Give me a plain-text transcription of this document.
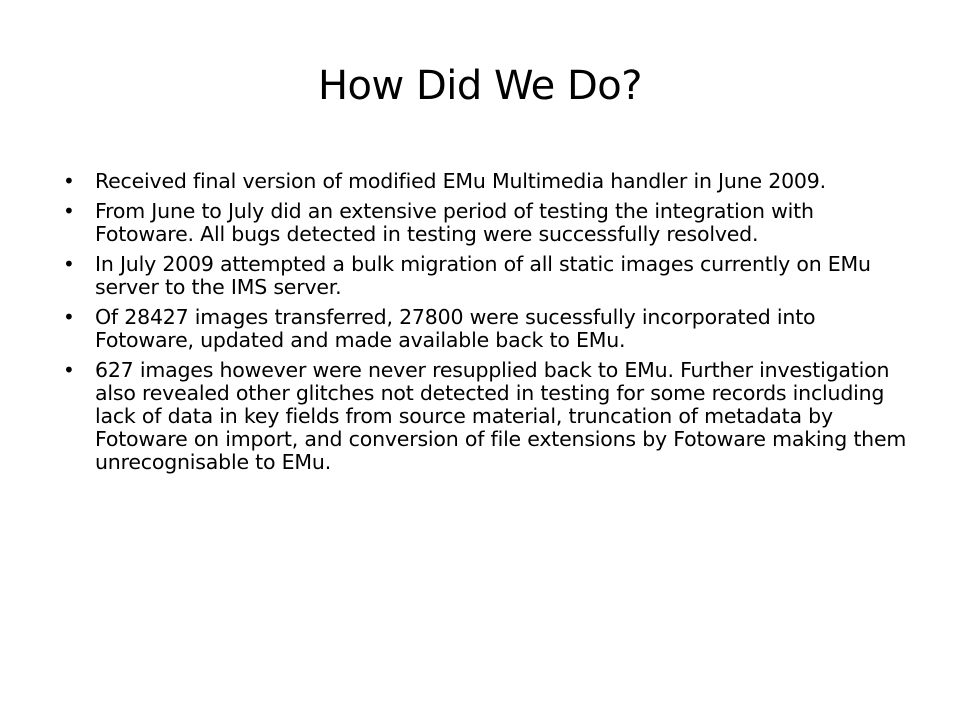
How Did We Do?
• Received final version of modified EMu Multimedia handler in June 2009.
• From June to July did an extensive period of testing the integration with Fotoware. All bugs detected in testing were successfully resolved.
• In July 2009 attempted a bulk migration of all static images currently on EMu server to the IMS server.
• Of 28427 images transferred, 27800 were sucessfully incorporated into Fotoware, updated and made available back to EMu.
• 627 images however were never resupplied back to EMu. Further investigation also revealed other glitches not detected in testing for some records including lack of data in key fields from source material, truncation of metadata by Fotoware on import, and conversion of file extensions by Fotoware making them unrecognisable to EMu.
